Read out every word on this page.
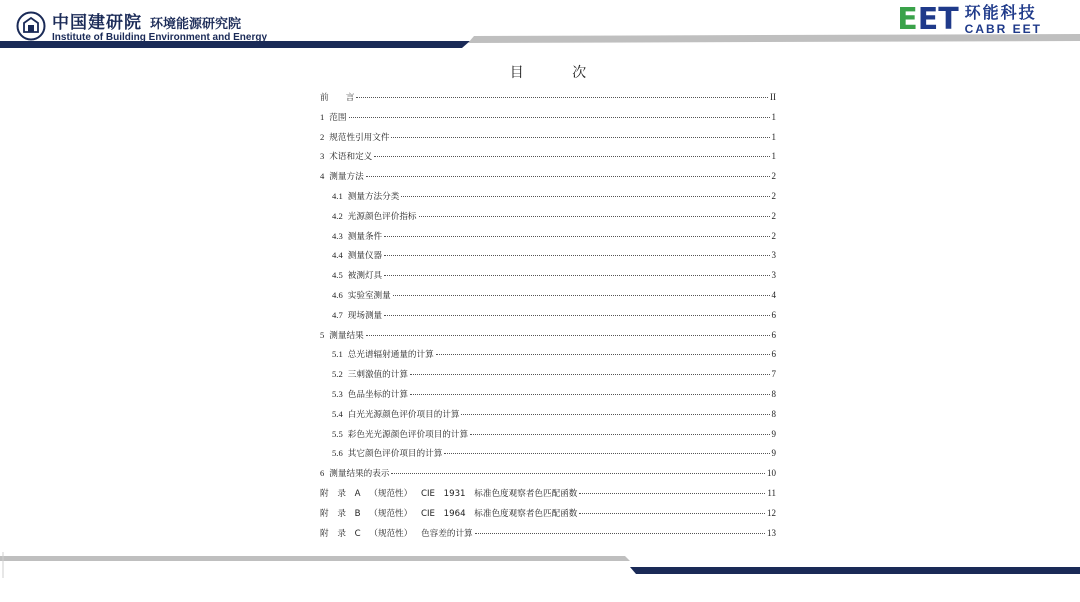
中国建研院 环境能源研究院
Institute of Building Environment and Energy
E E T 环能科技
CABR EET
目 次
前　　言	II
1 范围	1
2 规范性引用文件	1
3 术语和定义	1
4 测量方法	2
4.1 测量方法分类	2
4.2 光源颜色评价指标	2
4.3 测量条件	2
4.4 测量仪器	3
4.5 被测灯具	3
4.6 实验室测量	4
4.7 现场测量	6
5 测量结果	6
5.1 总光谱辐射通量的计算	6
5.2 三刺激值的计算	7
5.3 色品坐标的计算	8
5.4 白光光源颜色评价项目的计算	8
5.5 彩色光光源颜色评价项目的计算	9
5.6 其它颜色评价项目的计算	9
6 测量结果的表示	10
附 录 A （规范性） CIE 1931 标准色度观察者色匹配函数	11
附 录 B （规范性） CIE 1964 标准色度观察者色匹配函数	12
附 录 C （规范性） 色容差的计算	13
